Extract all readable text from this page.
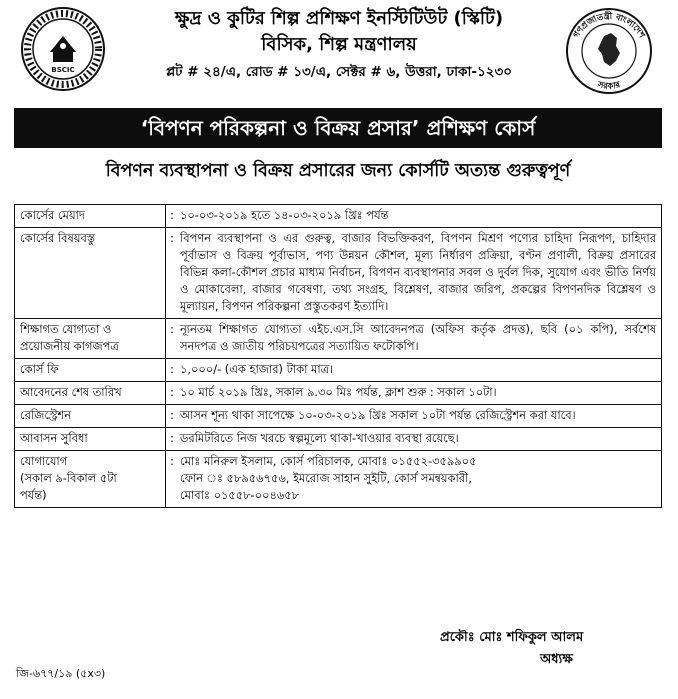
BSCIC
ক্ষুদ্র ও কুটির শিল্প প্রশিক্ষণ ইনস্টিটিউট (স্কিটি)
বিসিক, শিল্প মন্ত্রণালয়
প্লট # ২৪/এ, রোড # ১৩/এ, সেক্টর # ৬, উত্তরা, ঢাকা-১২৩০
গণপ্রজাতন্ত্রী বাংলাদেশ
সরকার
‘বিপণন পরিকল্পনা ও বিক্রয় প্রসার’ প্রশিক্ষণ কোর্স
বিপণন ব্যবস্থাপনা ও বিক্রয় প্রসারের জন্য কোর্সটি অত্যন্ত গুরুত্বপূর্ণ
কোর্সের মেয়াদ	: ১০-০৩-২০১৯ হতে ১৪-০৩-২০১৯ খ্রিঃ পর্যন্ত

কোর্সের বিষয়বস্তু	: বিপণন ব্যবস্থাপনা ও এর গুরুত্ব, বাজার বিভক্তিকরণ, বিপণন মিশ্রণ পণ্যের চাহিদা নিরূপণ, চাহিদার পূর্বাভাস ও বিক্রয় পূর্বাভাস, পণ্য উন্নয়ন কৌশল, মূল্য নির্ধারণ প্রক্রিয়া, বণ্টন প্রণালী, বিক্রয় প্রসারের বিভিন্ন কলা-কৌশল প্রচার মাধ্যম নির্বাচন, বিপণন ব্যবস্থাপনার সবল ও দুর্বল দিক, সুযোগ এবং ভীতি নির্ণয় ও মোকাবেলা, বাজার গবেষণা, তথ্য সংগ্রহ, বিশ্লেষণ, বাজার জরিপ, প্রকল্পের বিপণনদিক বিশ্লেষণ ও মূল্যায়ন, বিপণন পরিকল্পনা প্রস্তুতকরণ ইত্যাদি।

শিক্ষাগত যোগ্যতা ও
প্রয়োজনীয় কাগজপত্র	: ন্যূনতম শিক্ষাগত যোগ্যতা এইচ.এস.সি আবেদনপত্র (অফিস কর্তৃক প্রদত্ত), ছবি (০১ কপি), সর্বশেষ সনদপত্র ও জাতীয় পরিচয়পত্রের সত্যায়িত ফটোকপি।

কোর্স ফি	: ১,০০০/- (এক হাজার) টাকা মাত্র।

আবেদনের শেষ তারিখ	: ১০ মার্চ ২০১৯ খ্রিঃ, সকাল ৯.৩০ মিঃ পর্যন্ত, ক্লাশ শুরু : সকাল ১০টা।

রেজিস্ট্রেশন	: আসন শূন্য থাকা সাপেক্ষে ১০-০৩-২০১৯ খ্রিঃ সকাল ১০টা পর্যন্ত রেজিস্ট্রেশন করা যাবে।

আবাসন সুবিধা	: ডরমিটরিতে নিজ খরচে স্বল্পমূল্যে থাকা-খাওয়ার ব্যবস্থা রয়েছে।

যোগাযোগ
(সকাল ৯-বিকাল ৫টা
পর্যন্ত)	: মোঃ মনিরুল ইসলাম, কোর্স পরিচালক, মোবাঃ ০১৫৫২-৩৫৯৯০৫
ফোন ঃ ৫৮৯৫৬৭৫৬, ইমরোজ সাহান সুইটি, কোর্স সমন্বয়কারী,
মোবাঃ ০১৫৫৮-০০৪৬৫৮
প্রকৌঃ মোঃ শফিকুল আলম
অধ্যক্ষ
জি-৬৭৭/১৯ (৫x৩)
